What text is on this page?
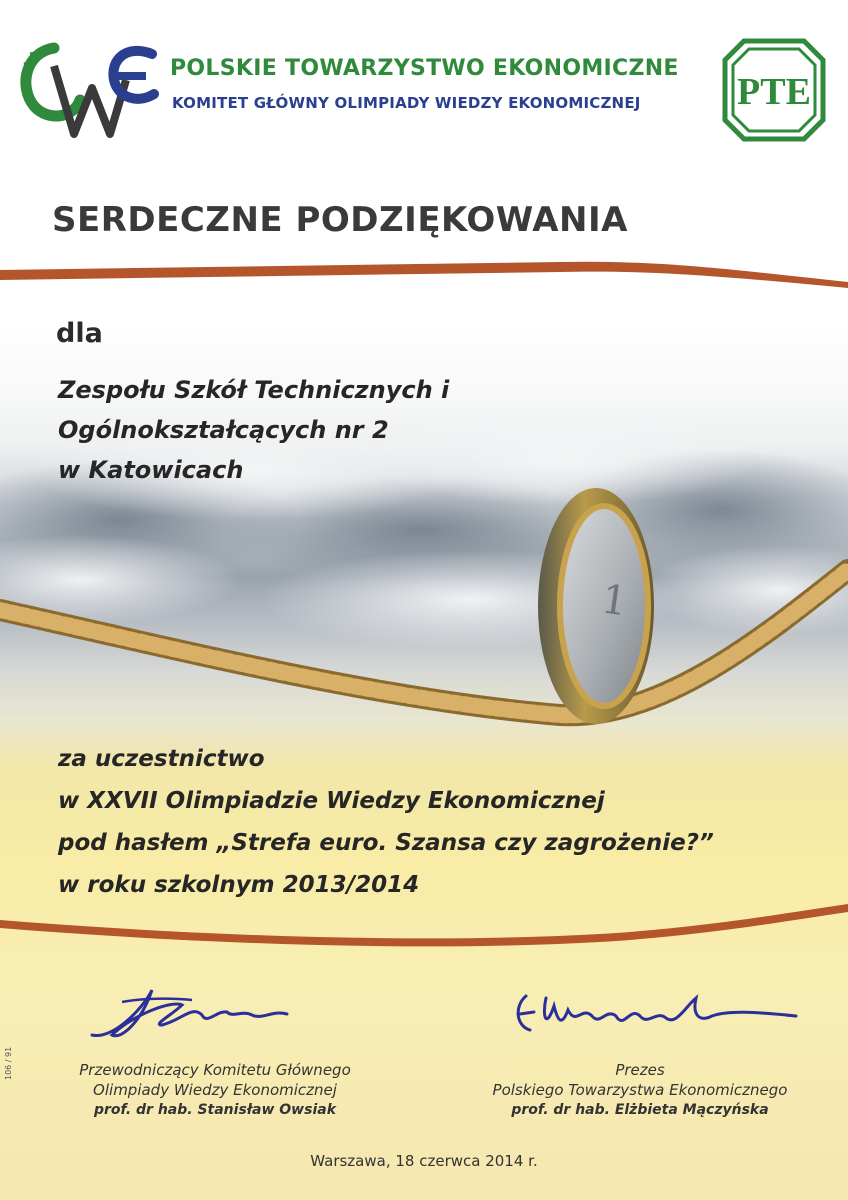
1
POLSKIE TOWARZYSTWO EKONOMICZNE
KOMITET GŁÓWNY OLIMPIADY WIEDZY EKONOMICZNEJ	PTE
SERDECZNE PODZIĘKOWANIA
dla
Zespołu Szkół Technicznych i
Ogólnokształcących nr 2
w Katowicach
za uczestnictwo
w XXVII Olimpiadzie Wiedzy Ekonomicznej
pod hasłem „Strefa euro. Szansa czy zagrożenie?”
w roku szkolnym 2013/2014
Przewodniczący Komitetu Głównego
Olimpiady Wiedzy Ekonomicznej
prof. dr hab. Stanisław Owsiak
Prezes
Polskiego Towarzystwa Ekonomicznego
prof. dr hab. Elżbieta Mączyńska
Warszawa, 18 czerwca 2014 r.
106 / 91
